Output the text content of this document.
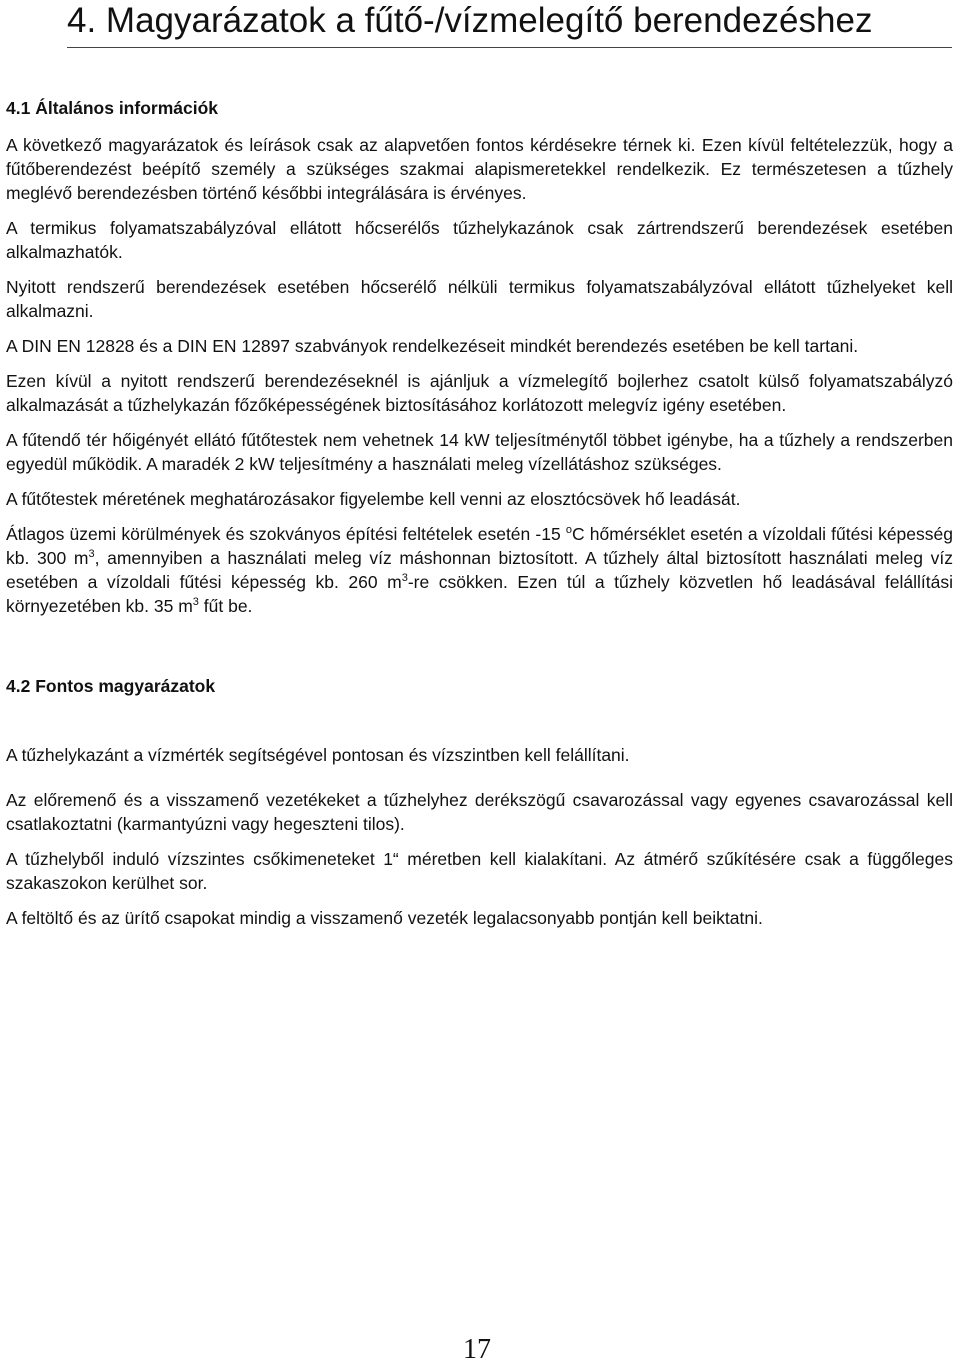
4. Magyarázatok a fűtő-/vízmelegítő berendezéshez

4.1 Általános információk

A következő magyarázatok és leírások csak az alapvetően fontos kérdésekre térnek ki. Ezen kívül feltételezzük, hogy a fűtőberendezést beépítő személy a szükséges szakmai alapismeretekkel rendelkezik. Ez természetesen a tűzhely meglévő berendezésben történő későbbi integrálására is érvényes.

A termikus folyamatszabályzóval ellátott hőcserélős tűzhelykazánok csak zártrendszerű berendezések esetében alkalmazhatók.

Nyitott rendszerű berendezések esetében hőcserélő nélküli termikus folyamatszabályzóval ellátott tűzhelyeket kell alkalmazni.

A DIN EN 12828 és a DIN EN 12897 szabványok rendelkezéseit mindkét berendezés esetében be kell tartani.

Ezen kívül a nyitott rendszerű berendezéseknél is ajánljuk a vízmelegítő bojlerhez csatolt külső folyamatszabályzó alkalmazását a tűzhelykazán főzőképességének biztosításához korlátozott melegvíz igény esetében.

A fűtendő tér hőigényét ellátó fűtőtestek nem vehetnek 14 kW teljesítménytől többet igénybe, ha a tűzhely a rendszerben egyedül működik. A maradék 2 kW teljesítmény a használati meleg vízellátáshoz szükséges.

A fűtőtestek méretének meghatározásakor figyelembe kell venni az elosztócsövek hő leadását.

Átlagos üzemi körülmények és szokványos építési feltételek esetén -15 $^o$C hőmérséklet esetén a vízoldali fűtési képesség kb. 300 $m^3$, amennyiben a használati meleg víz máshonnan biztosított. A tűzhely által biztosított használati meleg víz esetében a vízoldali fűtési képesség kb. 260 $m^3-re$ csökken. Ezen túl a tűzhely közvetlen hő leadásával felállítási környezetében kb. 35 $m^3$ fűt be.

4.2 Fontos magyarázatok

A tűzhelykazánt a vízmérték segítségével pontosan és vízszintben kell felállítani.

Az előremenő és a visszamenő vezetékeket a tűzhelyhez derékszögű csavarozással vagy egyenes csavarozással kell csatlakoztatni (karmantyúzni vagy hegeszteni tilos).

A tűzhelyből induló vízszintes csőkimeneteket 1“ méretben kell kialakítani. Az átmérő szűkítésére csak a függőleges szakaszokon kerülhet sor.

A feltöltő és az ürítő csapokat mindig a visszamenő vezeték legalacsonyabb pontján kell beiktatni.

17
